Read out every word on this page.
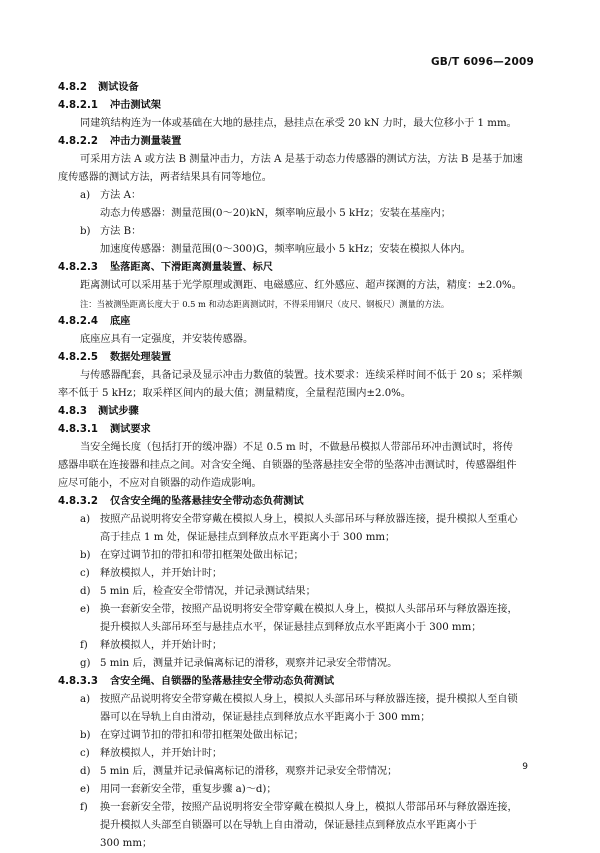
GB/T 6096—2009
4.8.2 测试设备
4.8.2.1 冲击测试架
同建筑结构连为一体或基础在大地的悬挂点，悬挂点在承受 20 kN 力时，最大位移小于 1 mm。
4.8.2.2 冲击力测量装置
可采用方法 A 或方法 B 测量冲击力，方法 A 是基于动态力传感器的测试方法，方法 B 是基于加速
度传感器的测试方法，两者结果具有同等地位。
a) 方法 A：
动态力传感器：测量范围(0～20)kN，频率响应最小 5 kHz；安装在基座内；
b) 方法 B：
加速度传感器：测量范围(0～300)G，频率响应最小 5 kHz；安装在模拟人体内。
4.8.2.3 坠落距离、下滑距离测量装置、标尺
距离测试可以采用基于光学原理或测距、电磁感应、红外感应、超声探测的方法，精度：±2.0%。
注：当被测坠距离长度大于 0.5 m 和动态距离测试时，不得采用钢尺（皮尺、钢板尺）测量的方法。
4.8.2.4 底座
底座应具有一定强度，并安装传感器。
4.8.2.5 数据处理装置
与传感器配套，具备记录及显示冲击力数值的装置。技术要求：连续采样时间不低于 20 s；采样频
率不低于 5 kHz；取采样区间内的最大值；测量精度，全量程范围内±2.0%。
4.8.3 测试步骤
4.8.3.1 测试要求
当安全绳长度（包括打开的缓冲器）不足 0.5 m 时，不做悬吊模拟人带部吊环冲击测试时，将传
感器串联在连接器和挂点之间。对含安全绳、自锁器的坠落悬挂安全带的坠落冲击测试时，传感器组件
应尽可能小，不应对自锁器的动作造成影响。
4.8.3.2 仅含安全绳的坠落悬挂安全带动态负荷测试
a) 按照产品说明将安全带穿戴在模拟人身上，模拟人头部吊环与释放器连接，提升模拟人至重心
高于挂点 1 m 处，保证悬挂点到释放点水平距离小于 300 mm；
b) 在穿过调节扣的带扣和带扣框架处做出标记；
c) 释放模拟人，并开始计时；
d) 5 min 后，检查安全带情况，并记录测试结果；
e) 换一套新安全带，按照产品说明将安全带穿戴在模拟人身上，模拟人头部吊环与释放器连接，
提升模拟人头部吊环至与悬挂点水平，保证悬挂点到释放点水平距离小于 300 mm；
f) 释放模拟人，并开始计时；
g) 5 min 后，测量并记录偏离标记的滑移，观察并记录安全带情况。
4.8.3.3 含安全绳、自锁器的坠落悬挂安全带动态负荷测试
a) 按照产品说明将安全带穿戴在模拟人身上，模拟人头部吊环与释放器连接，提升模拟人至自锁
器可以在导轨上自由滑动，保证悬挂点到释放点水平距离小于 300 mm；
b) 在穿过调节扣的带扣和带扣框架处做出标记；
c) 释放模拟人，并开始计时；
d) 5 min 后，测量并记录偏离标记的滑移，观察并记录安全带情况；
e) 用同一套新安全带，重复步骤 a)～d)；
f) 换一套新安全带，按照产品说明将安全带穿戴在模拟人身上，模拟人带部吊环与释放器连接，
提升模拟人头部至自锁器可以在导轨上自由滑动，保证悬挂点到释放点水平距离小于
300 mm；
9
